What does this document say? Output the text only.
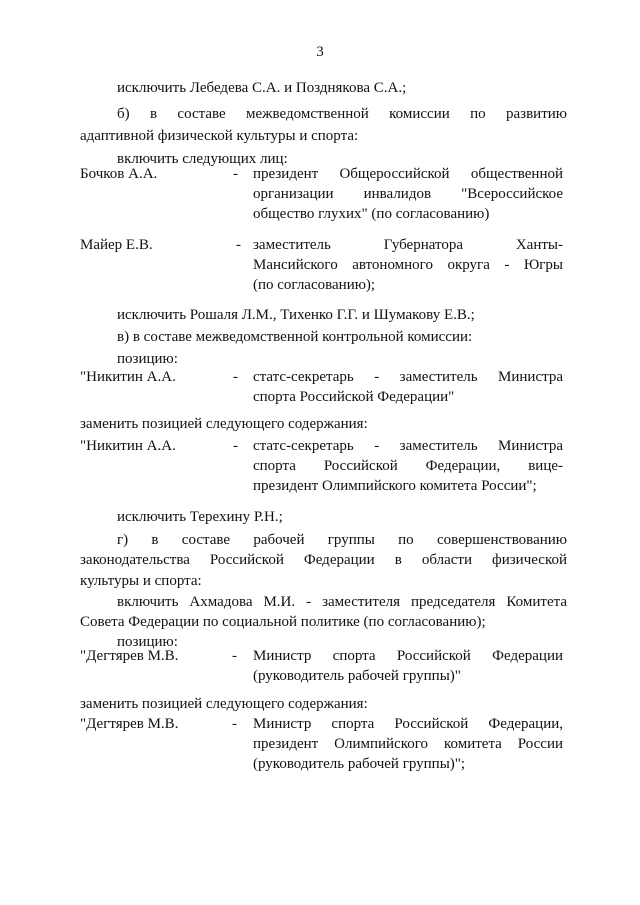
3
исключить Лебедева С.А. и Позднякова С.А.;
б) в составе межведомственной комиссии по развитию
адаптивной физической культуры и спорта:
включить следующих лиц:
Бочков А.А.	- президент Общероссийской общественной
организации инвалидов "Всероссийское
общество глухих" (по согласованию)
Майер Е.В.	- заместитель Губернатора Ханты-
Мансийского автономного округа - Югры
(по согласованию);
исключить Рошаля Л.М., Тихенко Г.Г. и Шумакову Е.В.;
в) в составе межведомственной контрольной комиссии:
позицию:
"Никитин А.А.	- статс-секретарь - заместитель Министра
спорта Российской Федерации"
заменить позицией следующего содержания:
"Никитин А.А.	- статс-секретарь - заместитель Министра
спорта Российской Федерации, вице-
президент Олимпийского комитета России";
исключить Терехину Р.Н.;
г) в составе рабочей группы по совершенствованию
законодательства Российской Федерации в области физической
культуры и спорта:
включить Ахмадова М.И. - заместителя председателя Комитета
Совета Федерации по социальной политике (по согласованию);
позицию:
"Дегтярев М.В.	- Министр спорта Российской Федерации
(руководитель рабочей группы)"
заменить позицией следующего содержания:
"Дегтярев М.В.	- Министр спорта Российской Федерации,
президент Олимпийского комитета России
(руководитель рабочей группы)";
